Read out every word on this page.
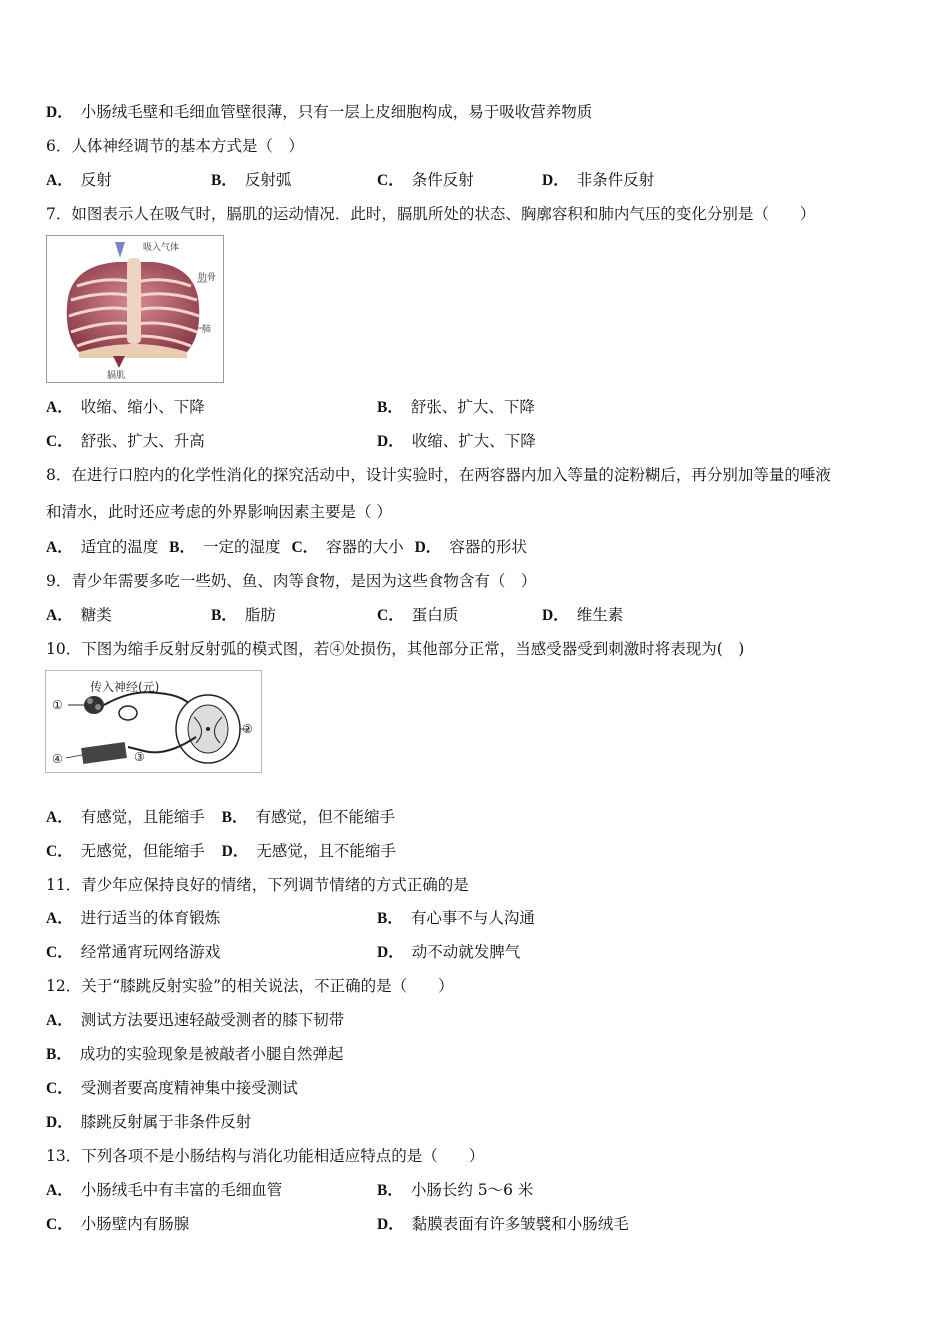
D． 小肠绒毛壁和毛细血管壁很薄，只有一层上皮细胞构成，易于吸收营养物质
6．人体神经调节的基本方式是（　）
A． 反射	B． 反射弧	C． 条件反射	D． 非条件反射
7．如图表示人在吸气时，膈肌的运动情况．此时，膈肌所处的状态、胸廓容积和肺内气压的变化分别是（　　）
吸入气体
肋骨
肺
膈肌
A． 收缩、缩小、下降	B． 舒张、扩大、下降
C． 舒张、扩大、升高	D． 收缩、扩大、下降
8．在进行口腔内的化学性消化的探究活动中，设计实验时，在两容器内加入等量的淀粉糊后，再分别加等量的唾液
和清水，此时还应考虑的外界影响因素主要是（ ）
A． 适宜的温度 B． 一定的湿度 C． 容器的大小 D． 容器的形状
9．青少年需要多吃一些奶、鱼、肉等食物，是因为这些食物含有（　）
A． 糖类	B． 脂肪	C． 蛋白质	D． 维生素
10．下图为缩手反射反射弧的模式图，若④处损伤，其他部分正常，当感受器受到刺激时将表现为(　)
传入神经(元)
①
②
③
④
A． 有感觉，且能缩手 B． 有感觉，但不能缩手
C． 无感觉，但能缩手 D． 无感觉，且不能缩手
11．青少年应保持良好的情绪，下列调节情绪的方式正确的是
A． 进行适当的体育锻炼	B． 有心事不与人沟通
C． 经常通宵玩网络游戏	D． 动不动就发脾气
12．关于“膝跳反射实验”的相关说法，不正确的是（　　）
A． 测试方法要迅速轻敲受测者的膝下韧带
B． 成功的实验现象是被敲者小腿自然弹起
C． 受测者要高度精神集中接受测试
D． 膝跳反射属于非条件反射
13．下列各项不是小肠结构与消化功能相适应特点的是（　　）
A． 小肠绒毛中有丰富的毛细血管	B． 小肠长约 5～6 米
C． 小肠壁内有肠腺	D． 黏膜表面有许多皱襞和小肠绒毛
